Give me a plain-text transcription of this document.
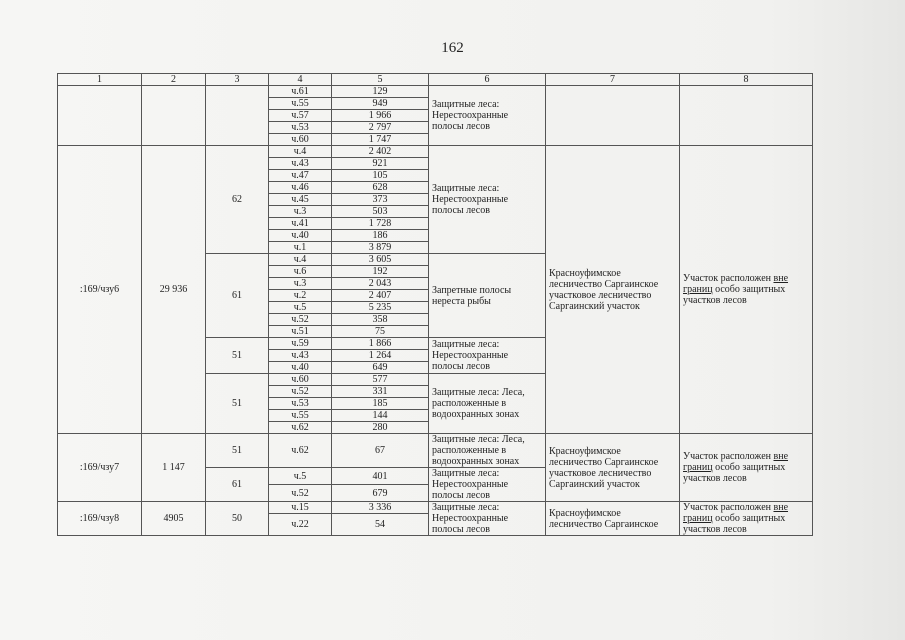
162
1	2	3	4	5	6	7	8
			ч.61	129	Защитные леса: Нерестоохранные полосы лесов		
			ч.55	949			
			ч.57	1 966			
			ч.53	2 797			
			ч.60	1 747			
:169/чзу6	29 936	62	ч.4	2 402	Защитные леса: Нерестоохранные полосы лесов	Красноуфимское лесничество Саргаинское участковое лесничество Саргаинский участок	Участок расположен вне границ особо защитных участков лесов
			ч.43	921			
			ч.47	105			
			ч.46	628			
			ч.45	373			
			ч.3	503			
			ч.41	1 728			
			ч.40	186			
			ч.1	3 879			
		61	ч.4	3 605	Запретные полосы нереста рыбы		
			ч.6	192			
			ч.3	2 043			
			ч.2	2 407			
			ч.5	5 235			
			ч.52	358			
			ч.51	75			
		51	ч.59	1 866	Защитные леса: Нерестоохранные полосы лесов		
			ч.43	1 264			
			ч.40	649			
		51	ч.60	577	Защитные леса: Леса, расположенные в водоохранных зонах		
			ч.52	331			
			ч.53	185			
			ч.55	144			
			ч.62	280			
:169/чзу7	1 147	51	ч.62	67	Защитные леса: Леса, расположенные в водоохранных зонах	Красноуфимское лесничество Саргаинское участковое лесничество Саргаинский участок	Участок расположен вне границ особо защитных участков лесов

		61	ч.5	401	Защитные леса: Нерестоохранные полосы лесов		
			ч.52	679			
:169/чзу8	4905	50	ч.15	3 336	Защитные леса: Нерестоохранные полосы лесов	Красноуфимское лесничество Саргаинское	Участок расположен вне границ особо защитных участков лесов
			ч.22	54			
